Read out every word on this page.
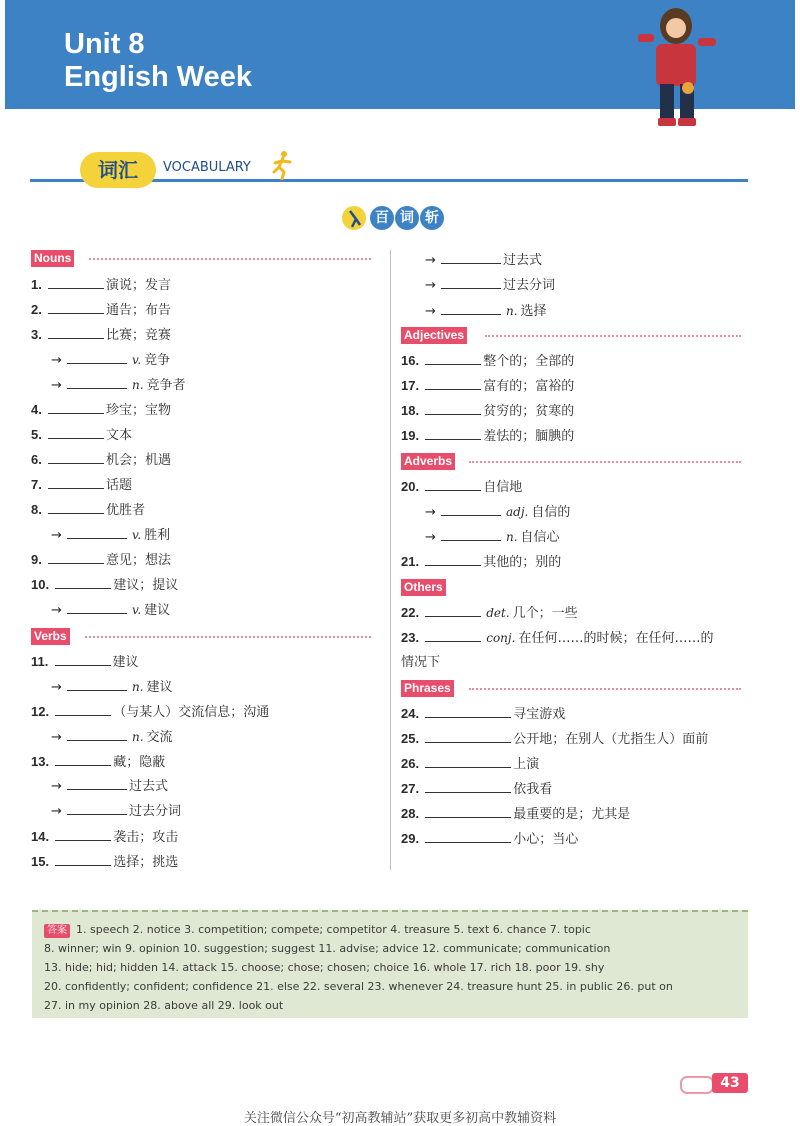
Unit 8
English Week
词汇	VOCABULARY
百 词 斩
Nouns
1.	演说；发言
2.	通告；布告
3.	比赛；竞赛
→	v. 竞争
→	n. 竞争者
4.	珍宝；宝物
5.	文本
6.	机会；机遇
7.	话题
8.	优胜者
→	v. 胜利
9.	意见；想法
10.	建议；提议
→	v. 建议
Verbs
11.	建议
→	n. 建议
12.	（与某人）交流信息；沟通
→	n. 交流
13.	藏；隐蔽
→	过去式
→	过去分词
14.	袭击；攻击
15.	选择；挑选
→	过去式
→	过去分词
→	n. 选择
Adjectives
16.	整个的；全部的
17.	富有的；富裕的
18.	贫穷的；贫寒的
19.	羞怯的；腼腆的
Adverbs
20.	自信地
→	adj. 自信的
→	n. 自信心
21.	其他的；别的
Others
22.	det. 几个；一些
23.	conj. 在任何……的时候；在任何……的
情况下
Phrases
24.	寻宝游戏
25.	公开地；在别人（尤指生人）面前
26.	上演
27.	依我看
28.	最重要的是；尤其是
29.	小心；当心
答案 1. speech 2. notice 3. competition; compete; competitor 4. treasure 5. text 6. chance 7. topic
8. winner; win 9. opinion 10. suggestion; suggest 11. advise; advice 12. communicate; communication
13. hide; hid; hidden 14. attack 15. choose; chose; chosen; choice 16. whole 17. rich 18. poor 19. shy
20. confidently; confident; confidence 21. else 22. several 23. whenever 24. treasure hunt 25. in public 26. put on
27. in my opinion 28. above all 29. look out
43
关注微信公众号“初高教辅站”获取更多初高中教辅资料
